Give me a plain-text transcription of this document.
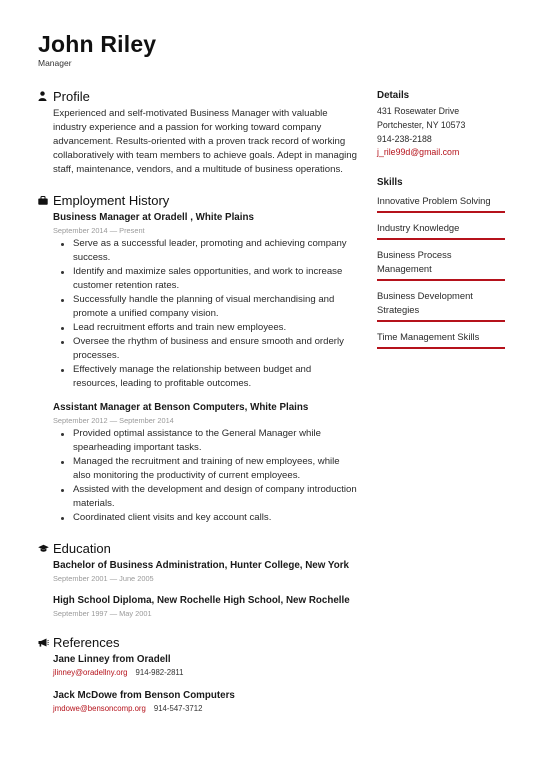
John Riley
Manager
Profile
Experienced and self-motivated Business Manager with valuable industry experience and a passion for working toward company advancement. Results-oriented with a proven track record of working collaboratively with team members to achieve goals. Adept in managing staff, maintenance, vendors, and a multitude of business operations.
Employment History
Business Manager at Oradell , White Plains
September 2014 — Present
Serve as a successful leader, promoting and achieving company success.
Identify and maximize sales opportunities, and work to increase customer retention rates.
Successfully handle the planning of visual merchandising and promote a unified company vision.
Lead recruitment efforts and train new employees.
Oversee the rhythm of business and ensure smooth and orderly processes.
Effectively manage the relationship between budget and resources, leading to profitable outcomes.
Assistant Manager at Benson Computers, White Plains
September 2012 — September 2014
Provided optimal assistance to the General Manager while spearheading important tasks.
Managed the recruitment and training of new employees, while also monitoring the productivity of current employees.
Assisted with the development and design of company introduction materials.
Coordinated client visits and key account calls.
Education
Bachelor of Business Administration, Hunter College, New York
September 2001 — June 2005
High School Diploma, New Rochelle High School, New Rochelle
September 1997 — May 2001
References
Jane Linney from Oradell
jlinney@oradellny.org 914-982-2811
Jack McDowe from Benson Computers
jmdowe@bensoncomp.org 914-547-3712
Details
431 Rosewater Drive
Portchester, NY 10573
914-238-2188
j_rile99d@gmail.com
Skills
Innovative Problem Solving
Industry Knowledge
Business Process Management
Business Development Strategies
Time Management Skills
